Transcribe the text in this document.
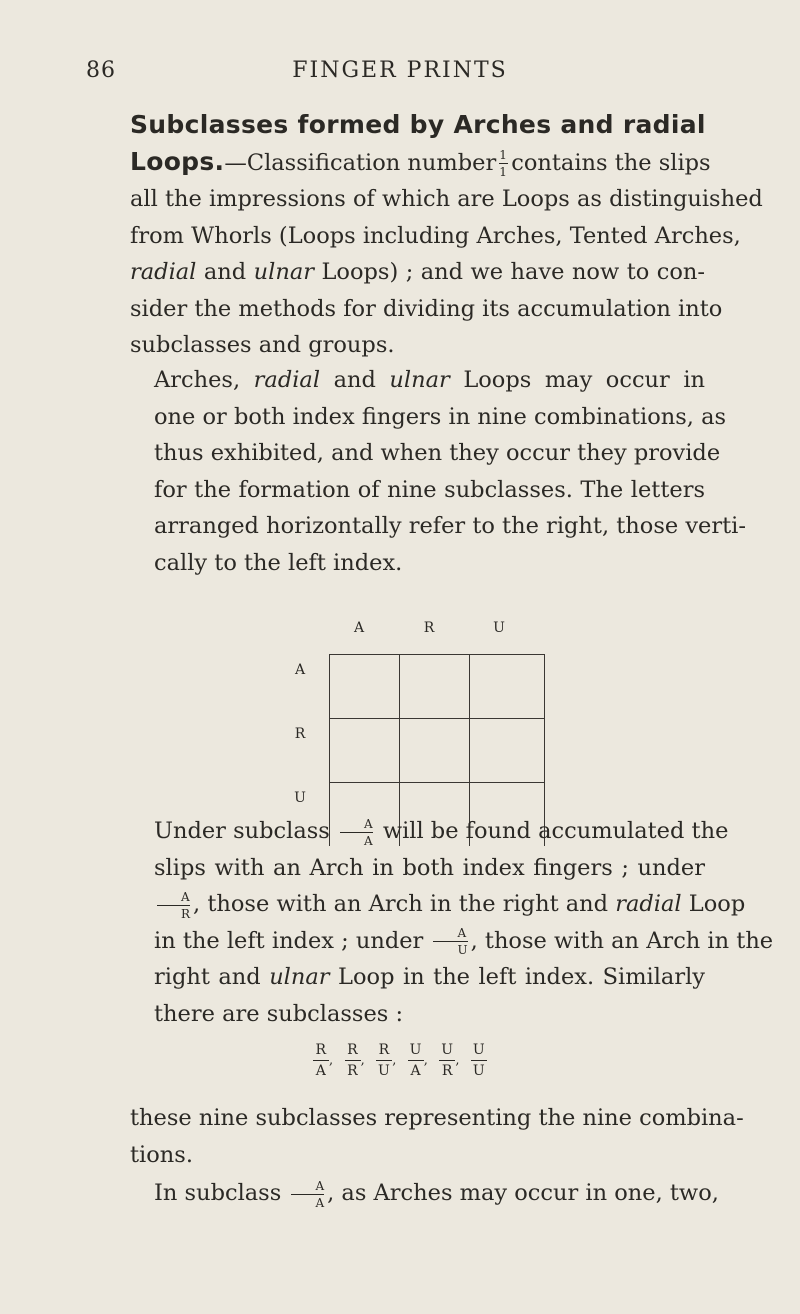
86	FINGER PRINTS
Subclasses formed by Arches and radial
Loops.—Classification number $\frac{1}{1}$ contains the slips
all the impressions of which are Loops as distinguished
from Whorls (Loops including Arches, Tented Arches,
radial and ulnar Loops) ; and we have now to con-
sider the methods for dividing its accumulation into
subclasses and groups.
Arches, radial and ulnar Loops may occur in
one or both index fingers in nine combinations, as
thus exhibited, and when they occur they provide
for the formation of nine subclasses. The letters
arranged horizontally refer to the right, those verti-
cally to the left index.
A	R	U
A
R
U
Under subclass $\frac{A}{A}$ will be found accumulated the
slips with an Arch in both index fingers ; under
$\frac{A}{R}$ , those with an Arch in the right and radial Loop
in the left index ; under $\frac{A}{U}$ , those with an Arch in the
right and ulnar Loop in the left index. Similarly
there are subclasses :
$\frac{R}{A}$ , $\frac{R}{R}$ , $\frac{R}{U}$ , $\frac{U}{A}$ , $\frac{U}{R}$ , $\frac{U}{U}$
these nine subclasses representing the nine combina-
tions.
In subclass $\frac{A}{A}$ , as Arches may occur in one, two,
